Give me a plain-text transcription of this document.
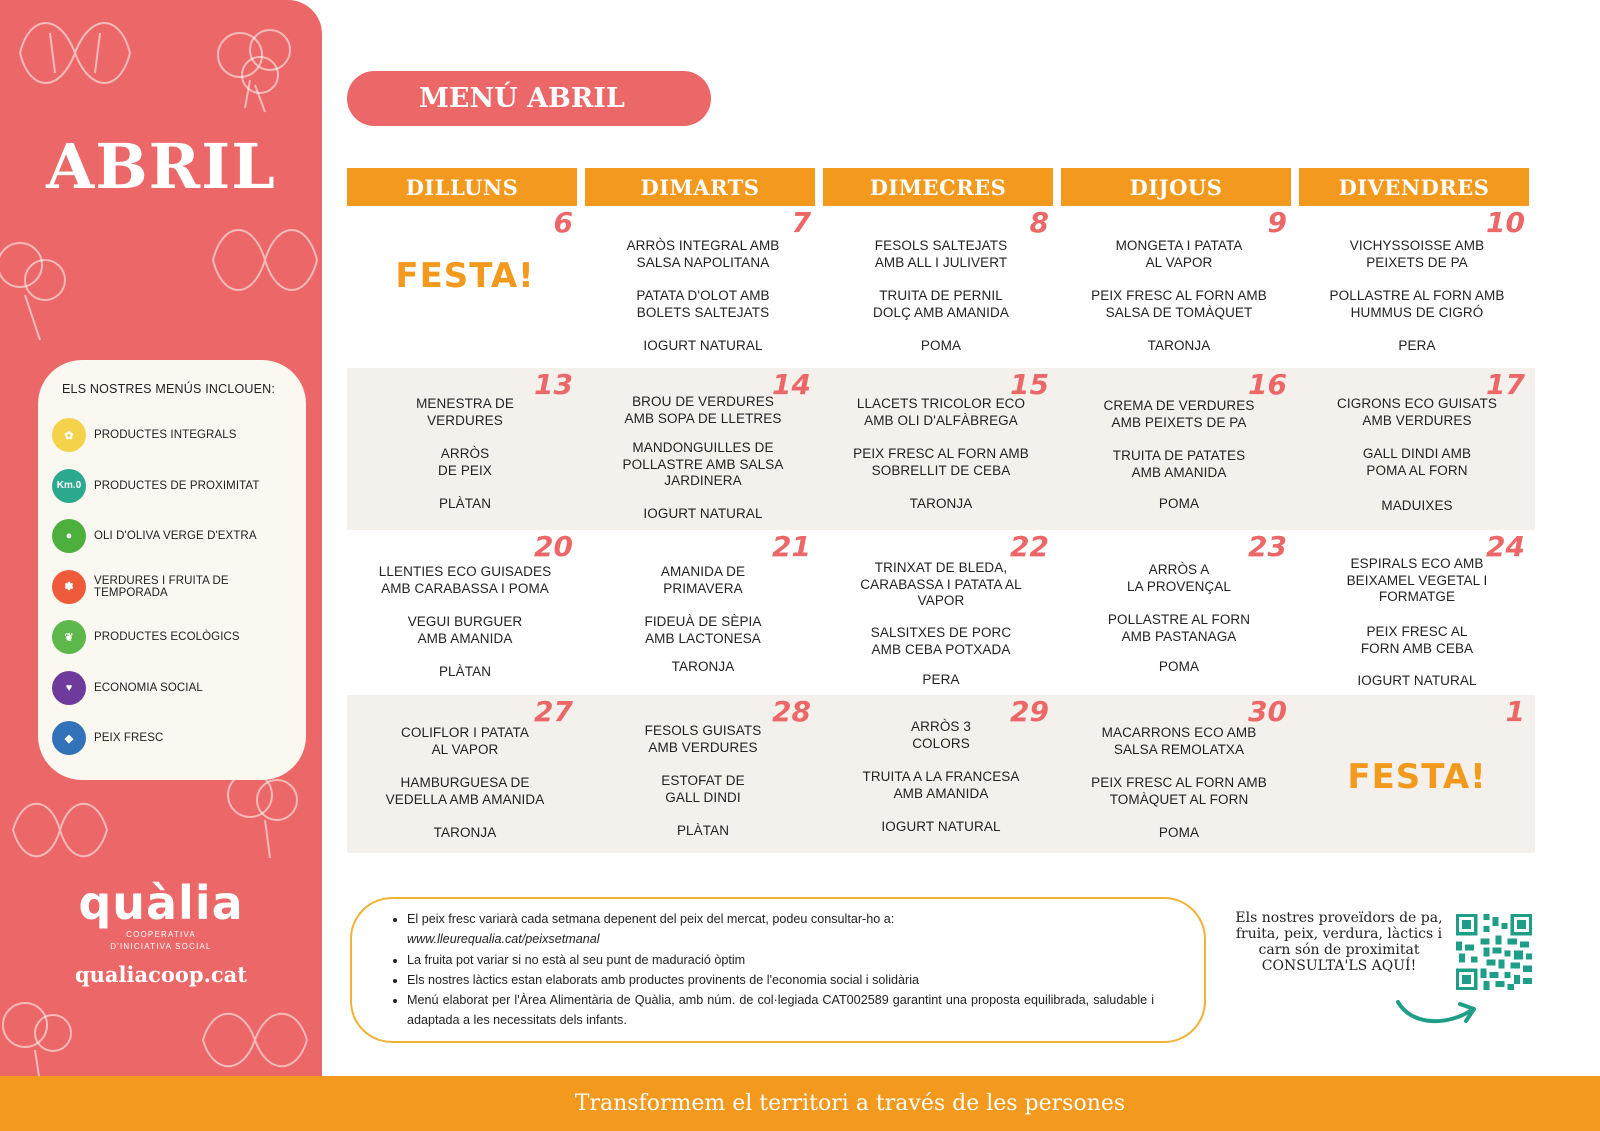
ABRIL
ELS NOSTRES MENÚS INCLOUEN:
✿	PRODUCTES INTEGRALS
Km.0	PRODUCTES DE PROXIMITAT
●	OLI D'OLIVA VERGE D'EXTRA
✽
VERDURES I FRUITA DE TEMPORADA
❦	PRODUCTES ECOLÒGICS
♥	ECONOMIA SOCIAL
◆	PEIX FRESC
quàlia
COOPERATIVA
D'INICIATIVA SOCIAL
qualiacoop.cat
MENÚ ABRIL
DILLUNS	DIMARTS	DIMECRES	DIJOUS	DIVENDRES
6
FESTA!
7
ARRÒS INTEGRAL AMB
SALSA NAPOLITANA
PATATA D'OLOT AMB
BOLETS SALTEJATS
IOGURT NATURAL
8
FESOLS SALTEJATS
AMB ALL I JULIVERT
TRUITA DE PERNIL
DOLÇ AMB AMANIDA
POMA
9
MONGETA I PATATA
AL VAPOR
PEIX FRESC AL FORN AMB
SALSA DE TOMÀQUET
TARONJA
10
VICHYSSOISSE AMB
PEIXETS DE PA
POLLASTRE AL FORN AMB
HUMMUS DE CIGRÓ
PERA
13
MENESTRA DE
VERDURES
ARRÒS
DE PEIX
PLÀTAN
14
BROU DE VERDURES
AMB SOPA DE LLETRES
MANDONGUILLES DE
POLLASTRE AMB SALSA
JARDINERA
IOGURT NATURAL
15
LLACETS TRICOLOR ECO
AMB OLI D'ALFÀBREGA
PEIX FRESC AL FORN AMB
SOBRELLIT DE CEBA
TARONJA
16
CREMA DE VERDURES
AMB PEIXETS DE PA
TRUITA DE PATATES
AMB AMANIDA
POMA
17
CIGRONS ECO GUISATS
AMB VERDURES
GALL DINDI AMB
POMA AL FORN
MADUIXES
20
LLENTIES ECO GUISADES
AMB CARABASSA I POMA
VEGUI BURGUER
AMB AMANIDA
PLÀTAN
21
AMANIDA DE
PRIMAVERA
FIDEUÀ DE SÈPIA
AMB LACTONESA
TARONJA
22
TRINXAT DE BLEDA,
CARABASSA I PATATA AL
VAPOR
SALSITXES DE PORC
AMB CEBA POTXADA
PERA
23
ARRÒS A
LA PROVENÇAL
POLLASTRE AL FORN
AMB PASTANAGA
POMA
24
ESPIRALS ECO AMB
BEIXAMEL VEGETAL I
FORMATGE
PEIX FRESC AL
FORN AMB CEBA
IOGURT NATURAL
27
COLIFLOR I PATATA
AL VAPOR
HAMBURGUESA DE
VEDELLA AMB AMANIDA
TARONJA
28
FESOLS GUISATS
AMB VERDURES
ESTOFAT DE
GALL DINDI
PLÀTAN
29
ARRÒS 3
COLORS
TRUITA A LA FRANCESA
AMB AMANIDA
IOGURT NATURAL
30
MACARRONS ECO AMB
SALSA REMOLATXA
PEIX FRESC AL FORN AMB
TOMÀQUET AL FORN
POMA
1
FESTA!
• El peix fresc variarà cada setmana depenent del peix del mercat, podeu consultar-ho a:
www.lleurequalia.cat/peixsetmanal
• La fruita pot variar si no està al seu punt de maduració òptim
• Els nostres làctics estan elaborats amb productes provinents de l'economia social i solidària
• Menú elaborat per l'Àrea Alimentària de Quàlia, amb núm. de col·legiada CAT002589 garantint una proposta equilibrada, saludable i adaptada a les necessitats dels infants.
Els nostres proveïdors de pa, fruita, peix, verdura, làctics i carn són de proximitat
CONSULTA'LS AQUÍ!
Transformem el territori a través de les persones
